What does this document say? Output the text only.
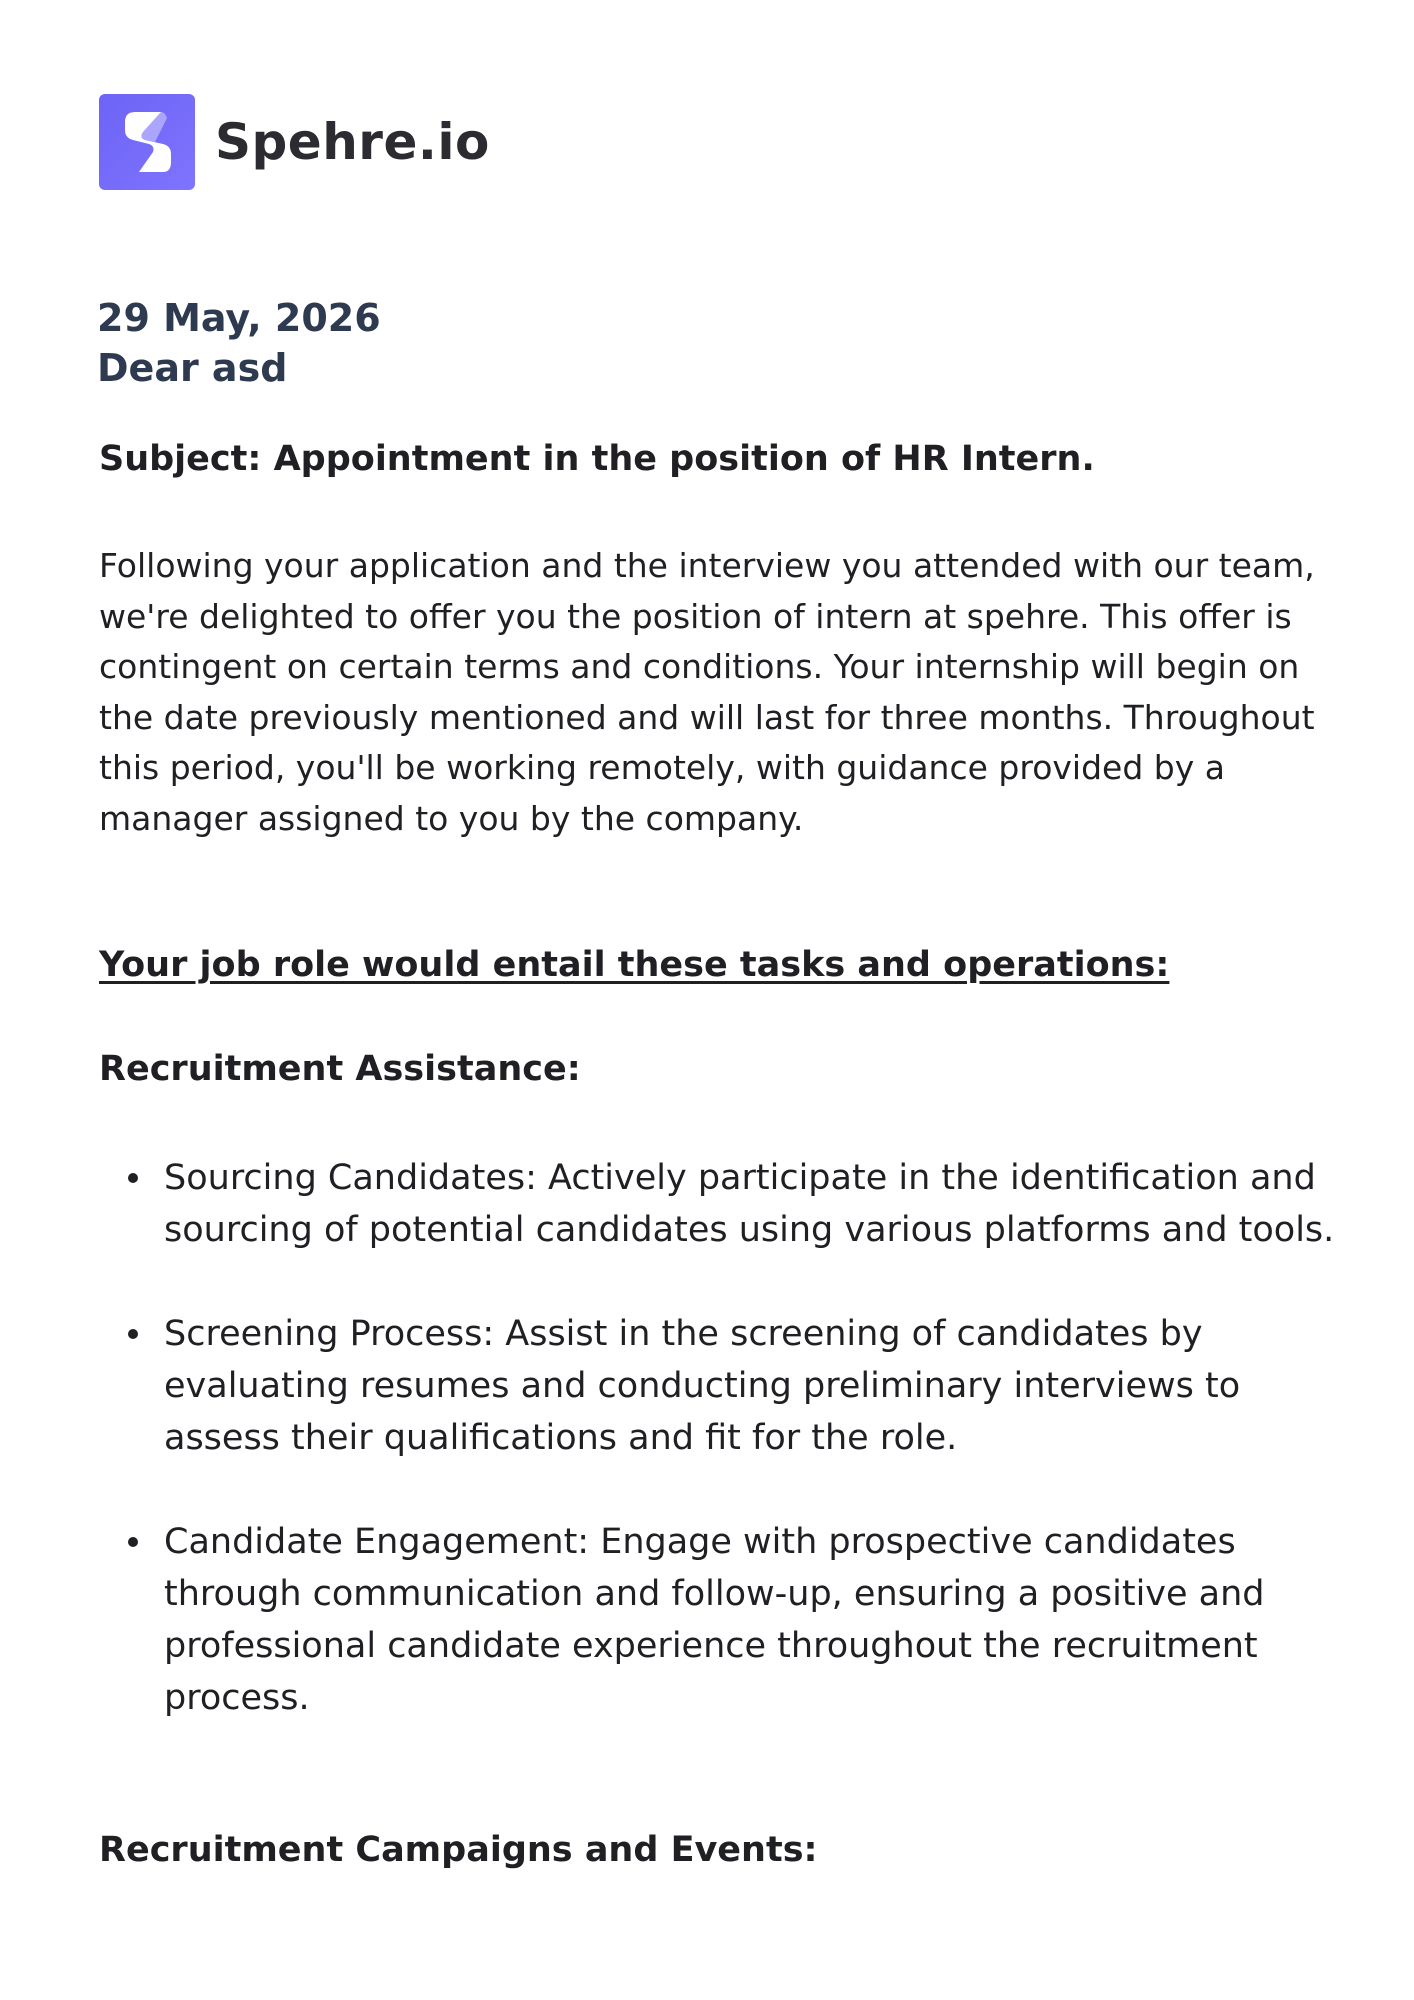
Spehre.io
29 May, 2026
Dear asd
Subject: Appointment in the position of HR Intern.
Following your application and the interview you attended with our team, we're delighted to offer you the position of intern at spehre. This offer is contingent on certain terms and conditions. Your internship will begin on the date previously mentioned and will last for three months. Throughout this period, you'll be working remotely, with guidance provided by a manager assigned to you by the company.
Your job role would entail these tasks and operations:
Recruitment Assistance:
Sourcing Candidates: Actively participate in the identification and sourcing of potential candidates using various platforms and tools.
Screening Process: Assist in the screening of candidates by evaluating resumes and conducting preliminary interviews to assess their qualifications and fit for the role.
Candidate Engagement: Engage with prospective candidates through communication and follow-up, ensuring a positive and professional candidate experience throughout the recruitment process.
Recruitment Campaigns and Events:
